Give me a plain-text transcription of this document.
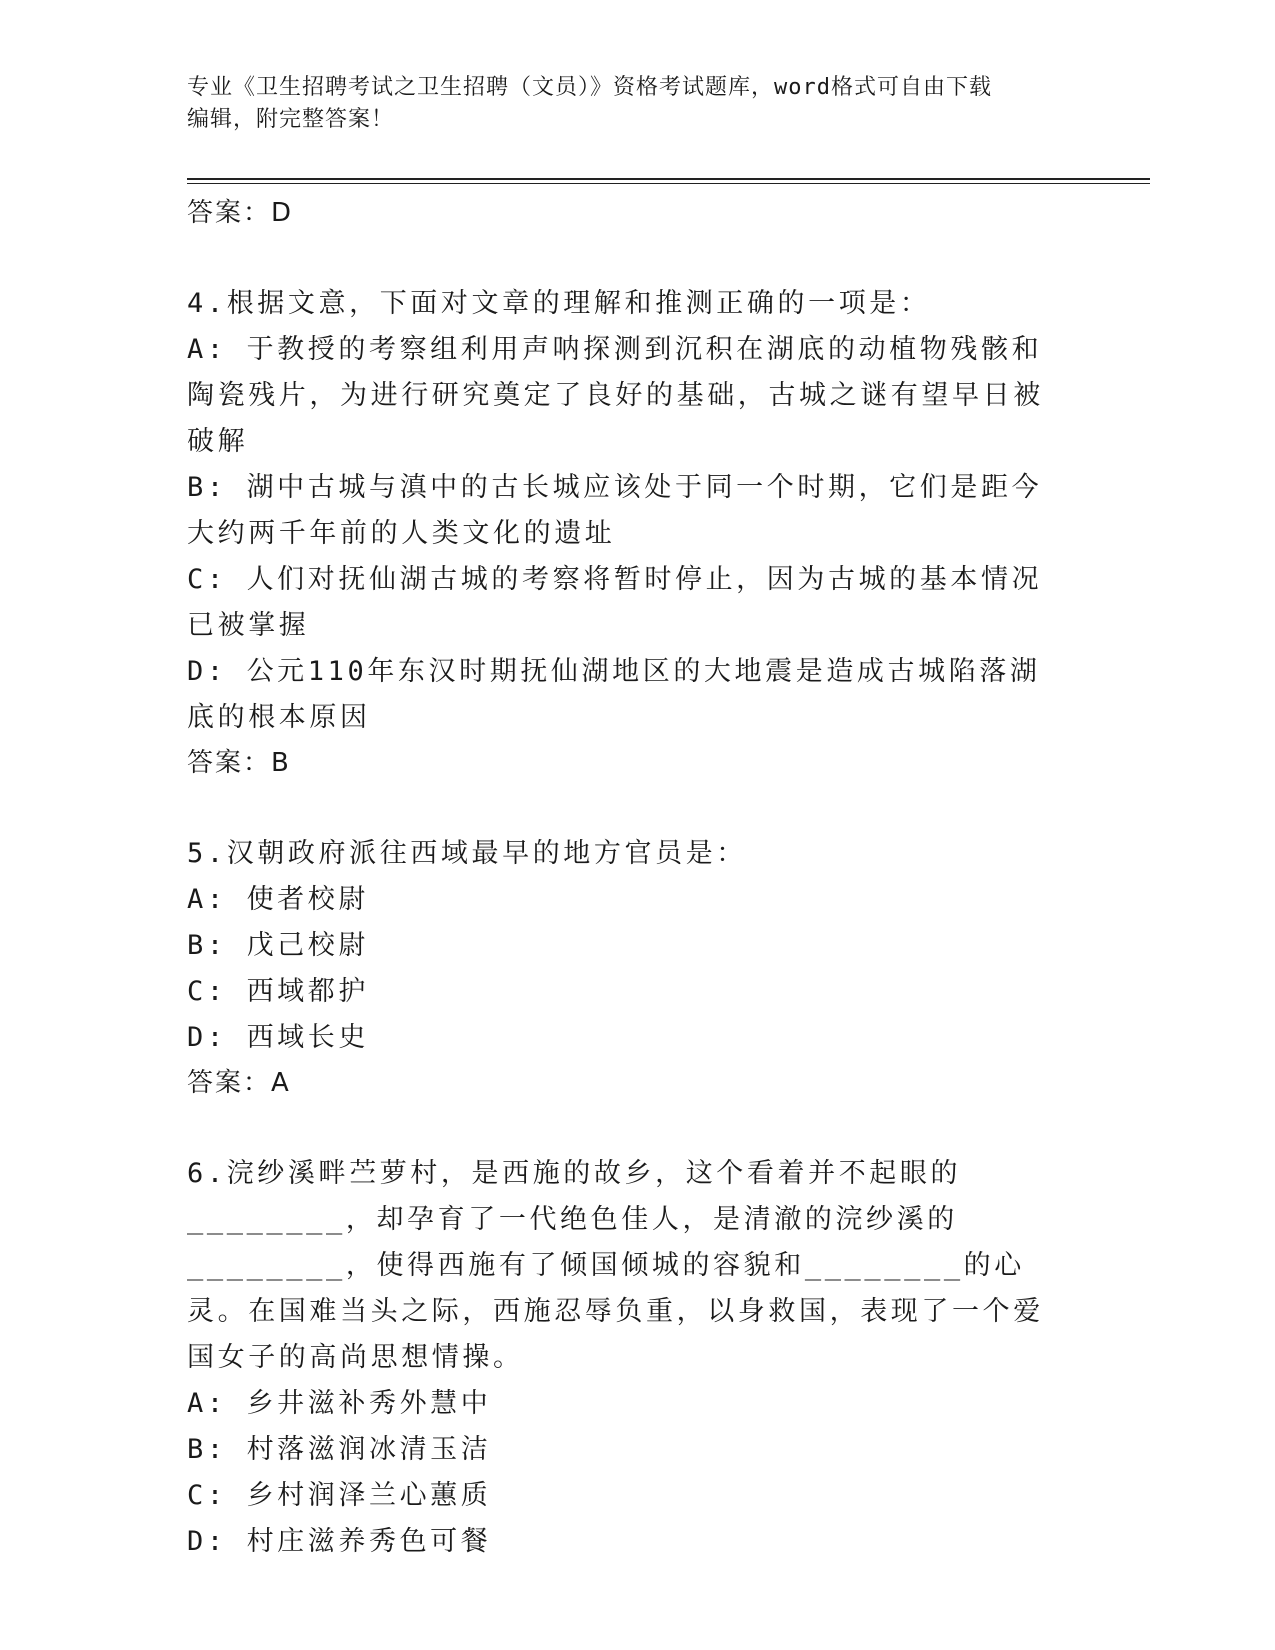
专业《卫生招聘考试之卫生招聘（文员）》资格考试题库，word格式可自由下载
编辑，附完整答案！

答案：D

4.根据文意，下面对文章的理解和推测正确的一项是：

A: 于教授的考察组利用声呐探测到沉积在湖底的动植物残骸和陶瓷残片，为进行研究奠定了良好的基础，古城之谜有望早日被破解

B: 湖中古城与滇中的古长城应该处于同一个时期，它们是距今大约两千年前的人类文化的遗址

C: 人们对抚仙湖古城的考察将暂时停止，因为古城的基本情况已被掌握

D: 公元110年东汉时期抚仙湖地区的大地震是造成古城陷落湖底的根本原因

答案：B

5.汉朝政府派往西域最早的地方官员是：

A: 使者校尉

B: 戊己校尉

C: 西域都护

D: 西域长史

答案：A

6.浣纱溪畔苎萝村，是西施的故乡，这个看着并不起眼的________，却孕育了一代绝色佳人，是清澈的浣纱溪的________，使得西施有了倾国倾城的容貌和________的心灵。在国难当头之际，西施忍辱负重，以身救国，表现了一个爱国女子的高尚思想情操。

A: 乡井滋补秀外慧中

B: 村落滋润冰清玉洁

C: 乡村润泽兰心蕙质

D: 村庄滋养秀色可餐
